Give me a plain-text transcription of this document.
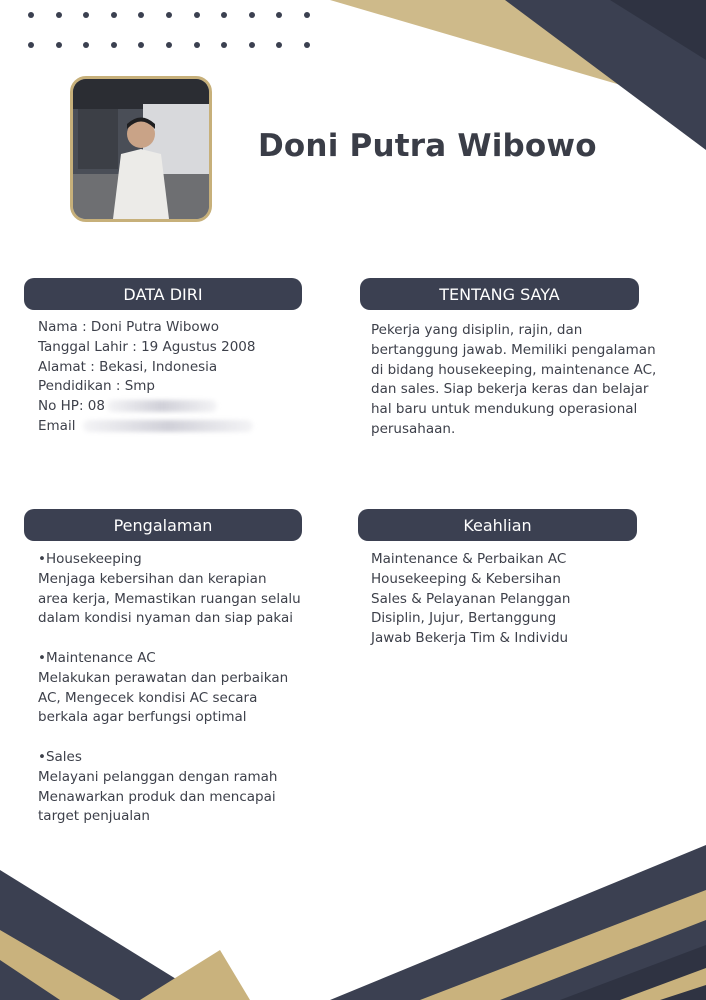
Doni Putra Wibowo
DATA DIRI
Nama : Doni Putra Wibowo
Tanggal Lahir : 19 Agustus 2008
Alamat : Bekasi, Indonesia
Pendidikan : Smp
No HP: 08
Email
TENTANG SAYA
Pekerja yang disiplin, rajin, dan
bertanggung jawab. Memiliki pengalaman
di bidang housekeeping, maintenance AC,
dan sales. Siap bekerja keras dan belajar
hal baru untuk mendukung operasional
perusahaan.
Pengalaman
•Housekeeping
Menjaga kebersihan dan kerapian
area kerja, Memastikan ruangan selalu
dalam kondisi nyaman dan siap pakai
•Maintenance AC
Melakukan perawatan dan perbaikan
AC, Mengecek kondisi AC secara
berkala agar berfungsi optimal
•Sales
Melayani pelanggan dengan ramah
Menawarkan produk dan mencapai
target penjualan
Keahlian
Maintenance & Perbaikan AC
Housekeeping & Kebersihan
Sales & Pelayanan Pelanggan
Disiplin, Jujur, Bertanggung
Jawab Bekerja Tim & Individu
